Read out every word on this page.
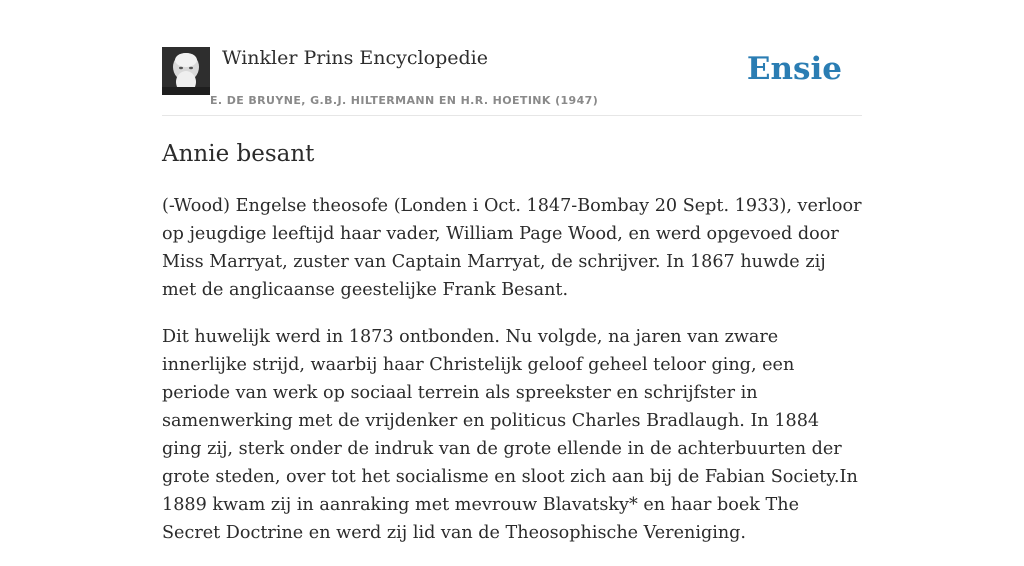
Winkler Prins Encyclopedie
E. DE BRUYNE, G.B.J. HILTERMANN EN H.R. HOETINK (1947)
Ensie
Annie besant

(-Wood) Engelse theosofe (Londen i Oct. 1847-Bombay 20 Sept. 1933), verloor op jeugdige leeftijd haar vader, William Page Wood, en werd opgevoed door Miss Marryat, zuster van Captain Marryat, de schrijver. In 1867 huwde zij met de anglicaanse geestelijke Frank Besant.

Dit huwelijk werd in 1873 ontbonden. Nu volgde, na jaren van zware innerlijke strijd, waarbij haar Christelijk geloof geheel teloor ging, een periode van werk op sociaal terrein als spreekster en schrijfster in samenwerking met de vrijdenker en politicus Charles Bradlaugh. In 1884 ging zij, sterk onder de indruk van de grote ellende in de achterbuurten der grote steden, over tot het socialisme en sloot zich aan bij de Fabian Society.In 1889 kwam zij in aanraking met mevrouw Blavatsky* en haar boek The Secret Doctrine en werd zij lid van de Theosophische Vereniging.
